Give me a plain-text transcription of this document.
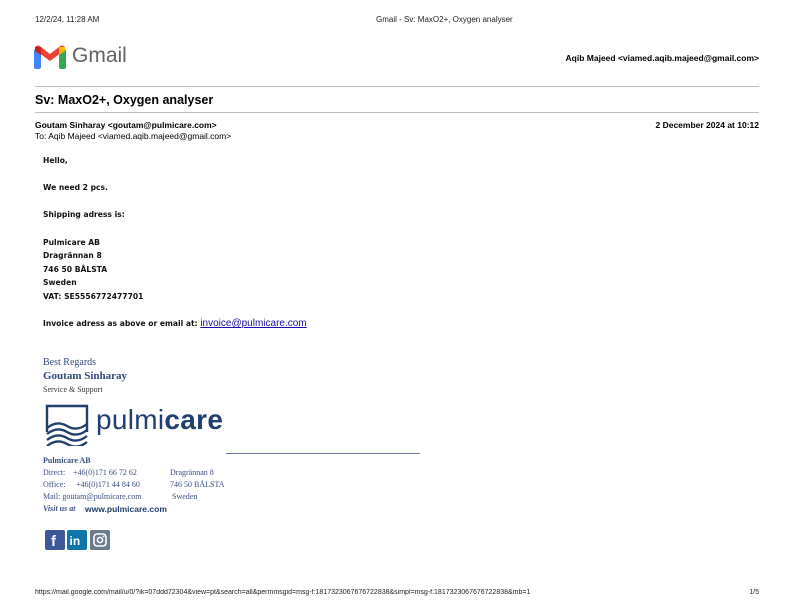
12/2/24, 11:28 AM	Gmail - Sv: MaxO2+, Oxygen analyser
Gmail	Aqib Majeed <viamed.aqib.majeed@gmail.com>
Sv: MaxO2+, Oxygen analyser
Goutam Sinharay <goutam@pulmicare.com>	2 December 2024 at 10:12
To: Aqib Majeed <viamed.aqib.majeed@gmail.com>
Hello,
We need 2 pcs.
Shipping adress is:
Pulmicare AB
Dragrännan 8
746 50 BÅLSTA
Sweden
VAT: SE5556772477701
Invoice adress as above or email at: invoice@pulmicare.com
Best Regards
Goutam Sinharay
Service & Support
pulmicare
Pulmicare AB
Direct: +46(0)171 66 72 62	Dragrännan 8
Office: +46(0)171 44 84 60	746 50 BÅLSTA
Mail: goutam@pulmicare.com	Sweden
Visit us at www.pulmicare.com
f in
https://mail.google.com/mail/u/0/?ik=07ddd72304&view=pt&search=all&permmsgid=msg-f:1817323067676722838&simpl=msg-f:1817323067676722838&mb=1	1/5
